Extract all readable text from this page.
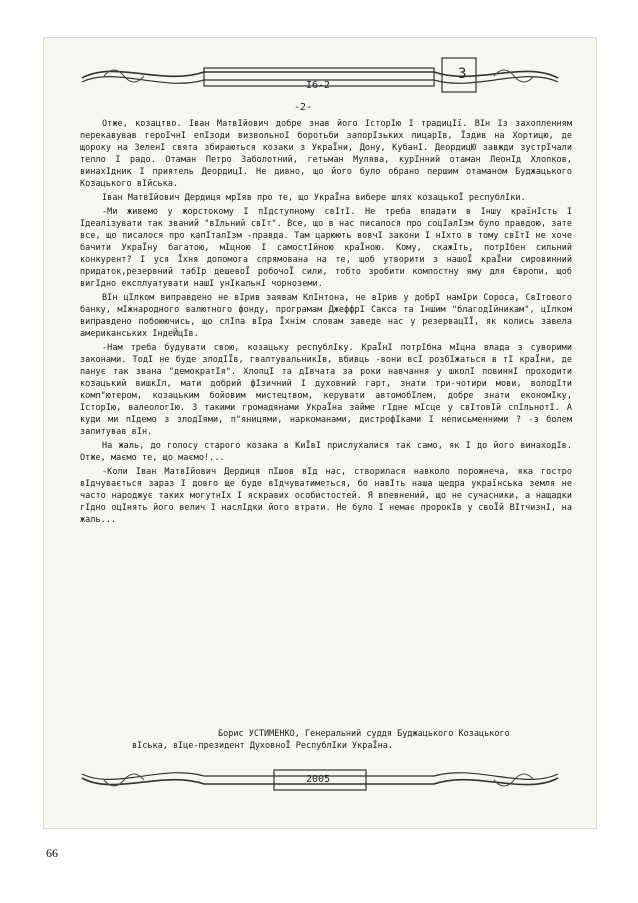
I6-2
3
-2-

Отже, козацтво. Іван МатвІйович добре знав його ІсторІю І традицІї. ВІн Із захопленням перекавував героІчнІ епІзоди визвольноІ боротьби запорІзьких лицарІв, Їздив на Хортицю, де щороку на ЗеленІ свята збираються козаки з УкраЇни, Дону, КубанІ. ДеордицЮ завжди зустрІчали тепло І радо. Отаман Петро Заболотний, гетьман Мулява, курІнний отаман ЛеонІд Хлопков, винахІдник І приятель ДеордицІ. Не дивно, що його було обрано першим отаманом Буджацького Козацького вІйська.

Іван МатвІйович Дердиця мрІяв про те, що УкраЇна вибере шлях козацькоЇ республІки.

-Ми живемо у жорстокому І пІдступному свІтІ. Не треба впадати в Іншу країнІсть І Ідеалізувати так званий "вІльний свІт". Все, що в нас писалося про соцІалІзм було правдою, зате все, що писалося про капІталІзм -правда. Там царюють вовчІ закони І нІхто в тому свІтІ не хоче бачити УкраЇну багатою, мІцною І самостІйною краЇною. Кому, скажІть, потрІбен сильний конкурент? І уся Їхня допомога спрямована на те, щоб утворити з нашоЇ краЇни сировинний придаток,резервний табІр дешевоЇ робочоЇ сили, тобто зробити компостну яму для Європи, щоб вигІдно експлуатувати нашІ унІкальнІ чорноземи.

ВІн цІлком виправдено не вІрив заявам КлІнтона, не вІрив у добрІ намІри Сороса, СвІтового банку, мІжнародного валютного фонду, програмам ДжеффрІ Сакса та Іншим "благодІйникам", цІлком виправдено побоюючись, що слІпа вІра Їхнім словам заведе нас у резервацІЇ, як колись завела американських ІндеЙцІв.

-Нам треба будувати свою, козацьку республІку. КраЇнІ потрІбна мІцна влада з суворими законами. ТодІ не буде злодІЇв, гвалтувальникІв, вбивць -вони всІ розбІжаться в тІ краЇни, де панує так звана "демократІя". ХлопцІ та дІвчата за роки навчання у школІ повиннІ проходити козацький вишкІл, мати добрий фІзичний І духовний гарт, знати три-чотири мови, володІти комп"ютером, козацьким бойовим мистецтвом, керувати автомобІлем, добре знати економІку, ІсторІю, валеологІю. З такими громадянами УкраЇна займе гІдне мІсце у свІтовІй спІльнотІ. А куди ми пІдемо з злодІями, п"яницями, наркоманами, дистрофІками І неписьменними ? -з болем запитував вІн.

На жаль, до голосу старого козака в КиЇвІ прислухалися так само, як І до його винаходІв. Отже, маємо те, що маємо!...

-Коли Іван МатвІйович Дердиця пІшов вІд нас, створилася навколо порожнеча, яка гостро вІдчувається зараз І довго ще буде вІдчуватиметься, бо навІть наша щедра українська земля не часто народжує таких могутнІх І яскравих особистостей. Я впевнений, що не сучасники, а нащадки гІдно оцІнять його велич І наслІдки його втрати. Не було І немає пророкІв у своЇй ВІтчизнІ, на жаль...

Борис УСТИМЕНКО, Генеральний суддя Буджацького Козацького
вІська, вІце-президент ДуховноЇ РеспублІки УкраЇна.
2005
66
